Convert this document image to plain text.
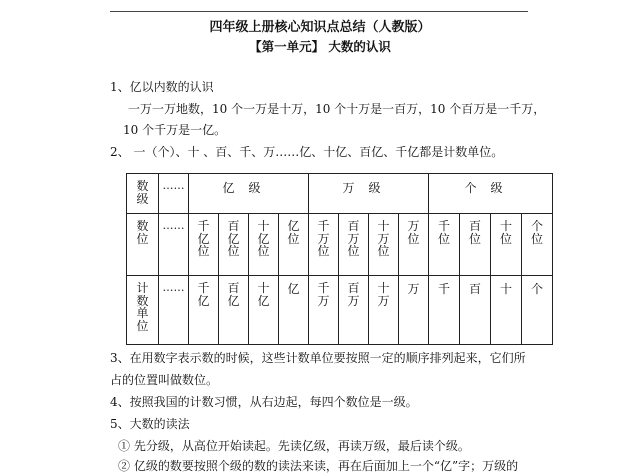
四年级上册核心知识点总结（人教版）
【第一单元】 大数的认识
1、亿以内数的认识
一万一万地数，10 个一万是十万，10 个十万是一百万，10 个百万是一千万，
10 个千万是一亿。
2、 一（个）、十 、百、千、万……亿、十亿、百亿、千亿都是计数单位。
数级	……	亿级				万级				个级			
数位	……	千亿位	百亿位	十亿位	亿位	千万位	百万位	十万位	万位	千位	百位	十位	个位
计数单位	……	千亿	百亿	十亿	亿	千万	百万	十万	万	千	百	十	个
3、在用数字表示数的时候，这些计数单位要按照一定的顺序排列起来，它们所
占的位置叫做数位。
4、按照我国的计数习惯，从右边起，每四个数位是一级。
5、大数的读法
① 先分级，从高位开始读起。先读亿级，再读万级，最后读个级。
② 亿级的数要按照个级的数的读法来读，再在后面加上一个“亿”字；万级的
